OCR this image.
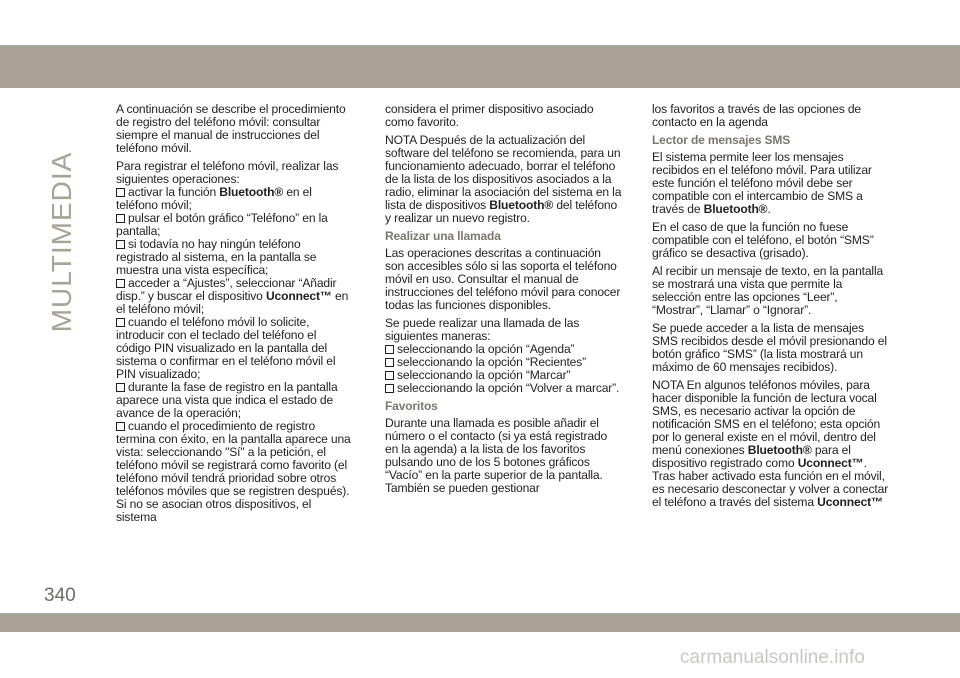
MULTIMEDIA

A continuación se describe el procedimiento de registro del teléfono móvil: consultar siempre el manual de instrucciones del teléfono móvil.

Para registrar el teléfono móvil, realizar las siguientes operaciones:
activar la función Bluetooth® en el teléfono móvil;
pulsar el botón gráfico “Teléfono” en la pantalla;
si todavía no hay ningún teléfono registrado al sistema, en la pantalla se muestra una vista específica;
acceder a “Ajustes”, seleccionar “Añadir disp.” y buscar el dispositivo Uconnect™ en el teléfono móvil;
cuando el teléfono móvil lo solicite, introducir con el teclado del teléfono el código PIN visualizado en la pantalla del sistema o confirmar en el teléfono móvil el PIN visualizado;
durante la fase de registro en la pantalla aparece una vista que indica el estado de avance de la operación;
cuando el procedimiento de registro termina con éxito, en la pantalla aparece una vista: seleccionando "Sí" a la petición, el teléfono móvil se registrará como favorito (el teléfono móvil tendrá prioridad sobre otros teléfonos móviles que se registren después). Si no se asocian otros dispositivos, el sistema

considera el primer dispositivo asociado como favorito.

NOTA Después de la actualización del software del teléfono se recomienda, para un funcionamiento adecuado, borrar el teléfono de la lista de los dispositivos asociados a la radio, eliminar la asociación del sistema en la lista de dispositivos Bluetooth® del teléfono y realizar un nuevo registro.

Realizar una llamada

Las operaciones descritas a continuación son accesibles sólo si las soporta el teléfono móvil en uso. Consultar el manual de instrucciones del teléfono móvil para conocer todas las funciones disponibles.

Se puede realizar una llamada de las siguientes maneras:
seleccionando la opción “Agenda”
seleccionando la opción “Recientes”
seleccionando la opción “Marcar”
seleccionando la opción “Volver a marcar”.

Favoritos

Durante una llamada es posible añadir el número o el contacto (si ya está registrado en la agenda) a la lista de los favoritos pulsando uno de los 5 botones gráficos “Vacío” en la parte superior de la pantalla. También se pueden gestionar

los favoritos a través de las opciones de contacto en la agenda

Lector de mensajes SMS

El sistema permite leer los mensajes recibidos en el teléfono móvil. Para utilizar este función el teléfono móvil debe ser compatible con el intercambio de SMS a través de Bluetooth®.

En el caso de que la función no fuese compatible con el teléfono, el botón “SMS” gráfico se desactiva (grisado).

Al recibir un mensaje de texto, en la pantalla se mostrará una vista que permite la selección entre las opciones “Leer”, “Mostrar”, “Llamar” o “Ignorar”.

Se puede acceder a la lista de mensajes SMS recibidos desde el móvil presionando el botón gráfico “SMS” (la lista mostrará un máximo de 60 mensajes recibidos).

NOTA En algunos teléfonos móviles, para hacer disponible la función de lectura vocal SMS, es necesario activar la opción de notificación SMS en el teléfono; esta opción por lo general existe en el móvil, dentro del menú conexiones Bluetooth® para el dispositivo registrado como Uconnect™. Tras haber activado esta función en el móvil, es necesario desconectar y volver a conectar el teléfono a través del sistema Uconnect™

340
carmanualsonline.info
